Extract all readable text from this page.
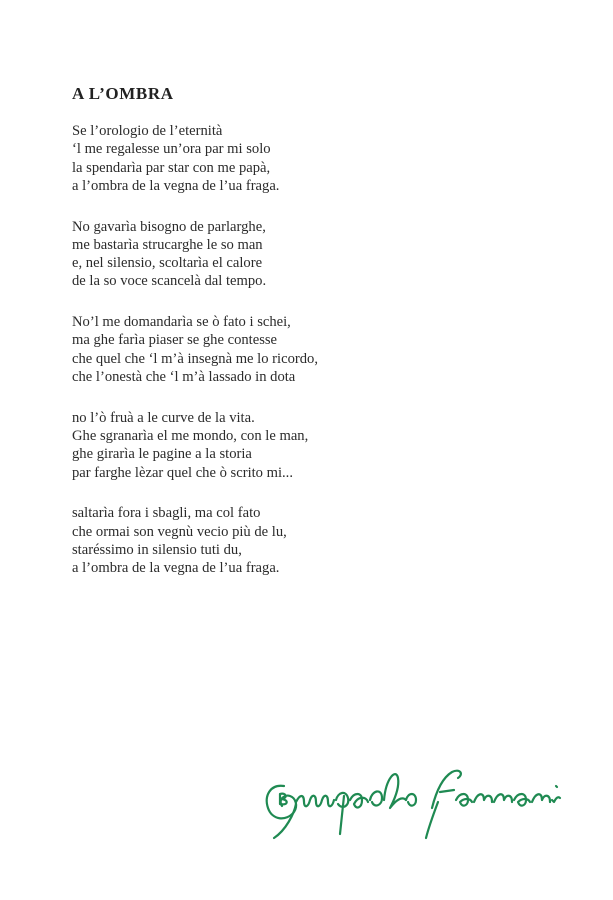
A L’OMBRA
Se l’orologio de l’eternità
‘l me regalesse un’ora par mi solo
la spendarìa par star con me papà,
a l’ombra de la vegna de l’ua fraga.
No gavarìa bisogno de parlarghe,
me bastarìa strucarghe le so man
e, nel silensio, scoltarìa el calore
de la so voce scancelà dal tempo.
No’l me domandarìa se ò fato i schei,
ma ghe farìa piaser se ghe contesse
che quel che ‘l m’à insegnà me lo ricordo,
che l’onestà che ‘l m’à lassado in dota
no l’ò fruà a le curve de la vita.
Ghe sgranarìa el me mondo, con le man,
ghe girarìa le pagine a la storia
par farghe lèzar quel che ò scrito mi...
saltarìa fora i sbagli, ma col fato
che ormai son vegnù vecio più de lu,
staréssimo in silensio tuti du,
a l’ombra de la vegna de l’ua fraga.
